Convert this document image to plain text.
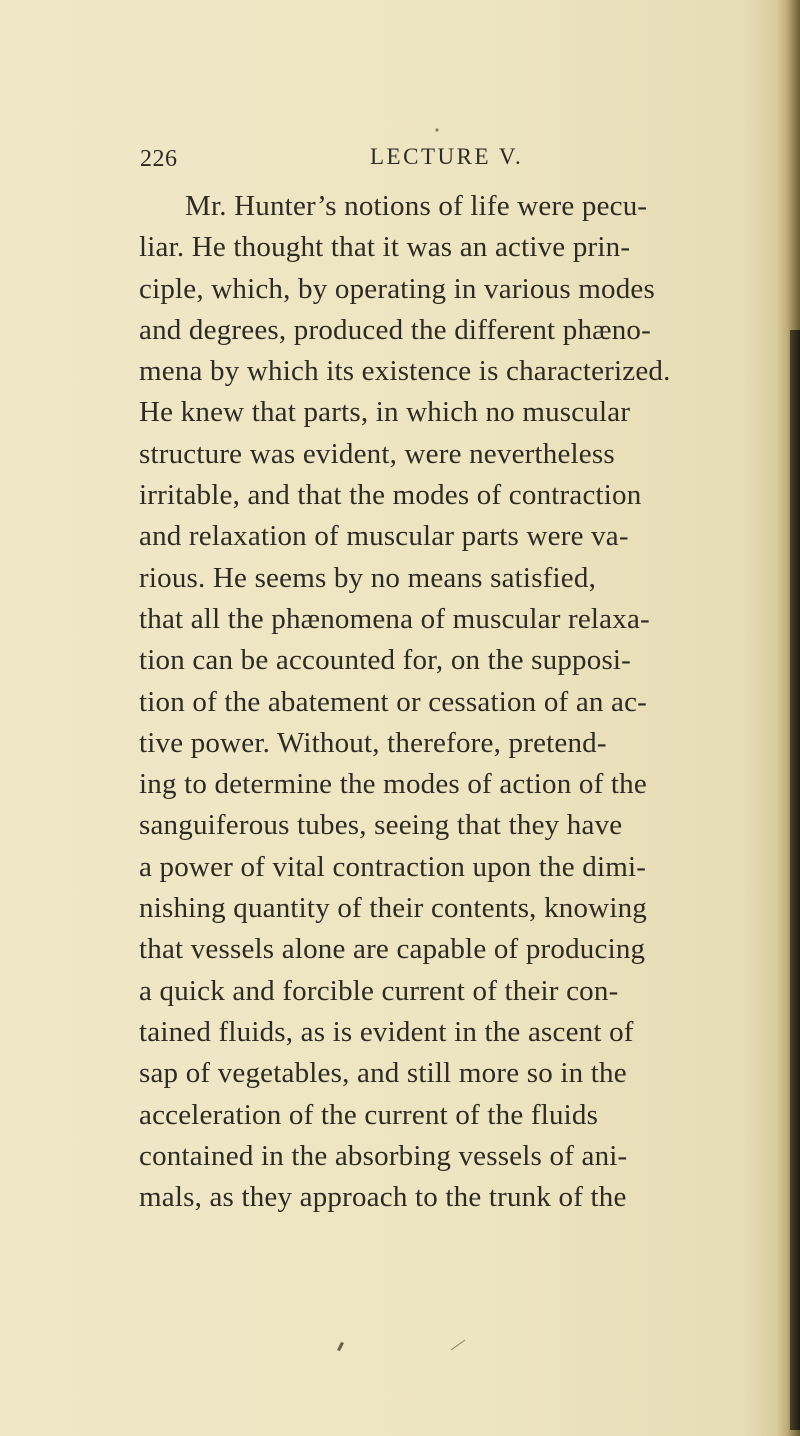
226	LECTURE V.
Mr. Hunter’s notions of life were pecu-
liar. He thought that it was an active prin-
ciple, which, by operating in various modes
and degrees, produced the different phæno-
mena by which its existence is characterized.
He knew that parts, in which no muscular
structure was evident, were nevertheless
irritable, and that the modes of contraction
and relaxation of muscular parts were va-
rious. He seems by no means satisfied,
that all the phænomena of muscular relaxa-
tion can be accounted for, on the supposi-
tion of the abatement or cessation of an ac-
tive power. Without, therefore, pretend-
ing to determine the modes of action of the
sanguiferous tubes, seeing that they have
a power of vital contraction upon the dimi-
nishing quantity of their contents, knowing
that vessels alone are capable of producing
a quick and forcible current of their con-
tained fluids, as is evident in the ascent of
sap of vegetables, and still more so in the
acceleration of the current of the fluids
contained in the absorbing vessels of ani-
mals, as they approach to the trunk of the
